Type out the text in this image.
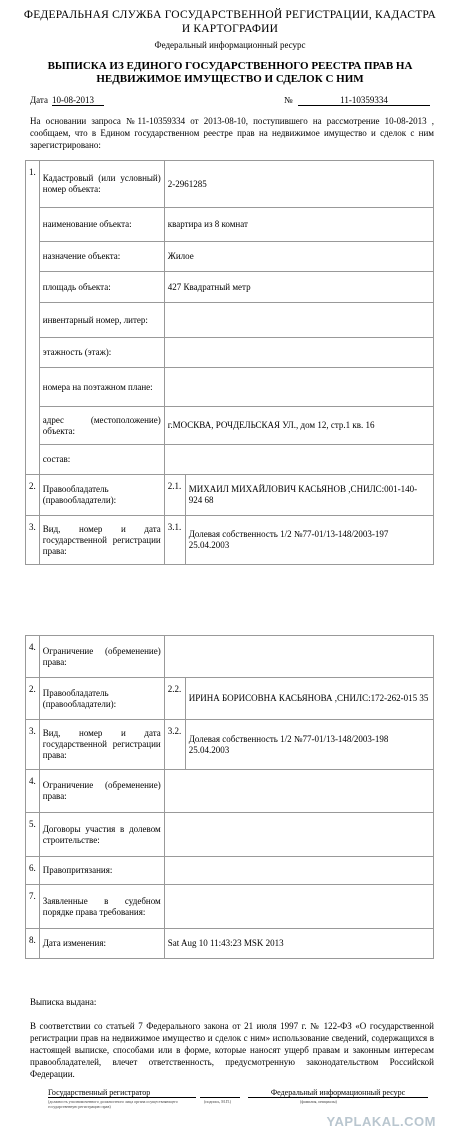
ФЕДЕРАЛЬНАЯ СЛУЖБА ГОСУДАРСТВЕННОЙ РЕГИСТРАЦИИ, КАДАСТРА И КАРТОГРАФИИ
Федеральный информационный ресурс
ВЫПИСКА ИЗ ЕДИНОГО ГОСУДАРСТВЕННОГО РЕЕСТРА ПРАВ НА НЕДВИЖИМОЕ ИМУЩЕСТВО И СДЕЛОК С НИМ
Дата 10-08-2013	№	11-10359334
На основании запроса №11-10359334 от 2013-08-10, поступившего на рассмотрение 10-08-2013 , сообщаем, что в Едином государственном реестре прав на недвижимое имущество и сделок с ним зарегистрировано:
1.	Кадастровый (или условный) номер объекта:	2-2961285	
	наименование объекта:	квартира из 8 комнат	
	назначение объекта:	Жилое	
	площадь объекта:	427 Квадратный метр	
	инвентарный номер, литер:		
	этажность (этаж):		
	номера на поэтажном плане:		
	адрес (местоположение) объекта:	г.МОСКВА, РОЧДЕЛЬСКАЯ УЛ., дом 12, стр.1 кв. 16	
	состав:		
2.	Правообладатель (правообладатели):	2.1.	МИХАИЛ МИХАЙЛОВИЧ КАСЬЯНОВ ,СНИЛС:001-140-924 68
3.	Вид, номер и дата государственной регистрации права:	3.1.	Долевая собственность 1/2 №77-01/13-148/2003-197 25.04.2003
4.	Ограничение (обременение) права:		
2.	Правообладатель (правообладатели):	2.2.	ИРИНА БОРИСОВНА КАСЬЯНОВА ,СНИЛС:172-262-015 35
3.	Вид, номер и дата государственной регистрации права:	3.2.	Долевая собственность 1/2 №77-01/13-148/2003-198 25.04.2003
4.	Ограничение (обременение) права:		
5.	Договоры участия в долевом строительстве:		
6.	Правопритязания:		
7.	Заявленные в судебном порядке права требования:		
8.	Дата изменения:	Sat Aug 10 11:43:23 MSK 2013	
Выписка выдана:
В соответствии со статьей 7 Федерального закона от 21 июля 1997 г. № 122-ФЗ «О государственной регистрации прав на недвижимое имущество и сделок с ним» использование сведений, содержащихся в настоящей выписке, способами или в форме, которые наносят ущерб правам и законным интересам правообладателей, влечет ответственность, предусмотренную законодательством Российской Федерации.
Государственный регистратор
	Федеральный информационный ресурс
(должность уполномоченного должностного лица органа осуществляющего государственную регистрацию прав)
(подпись, М.П.)	(фамилия, инициалы)
YAPLAKAL.COM
